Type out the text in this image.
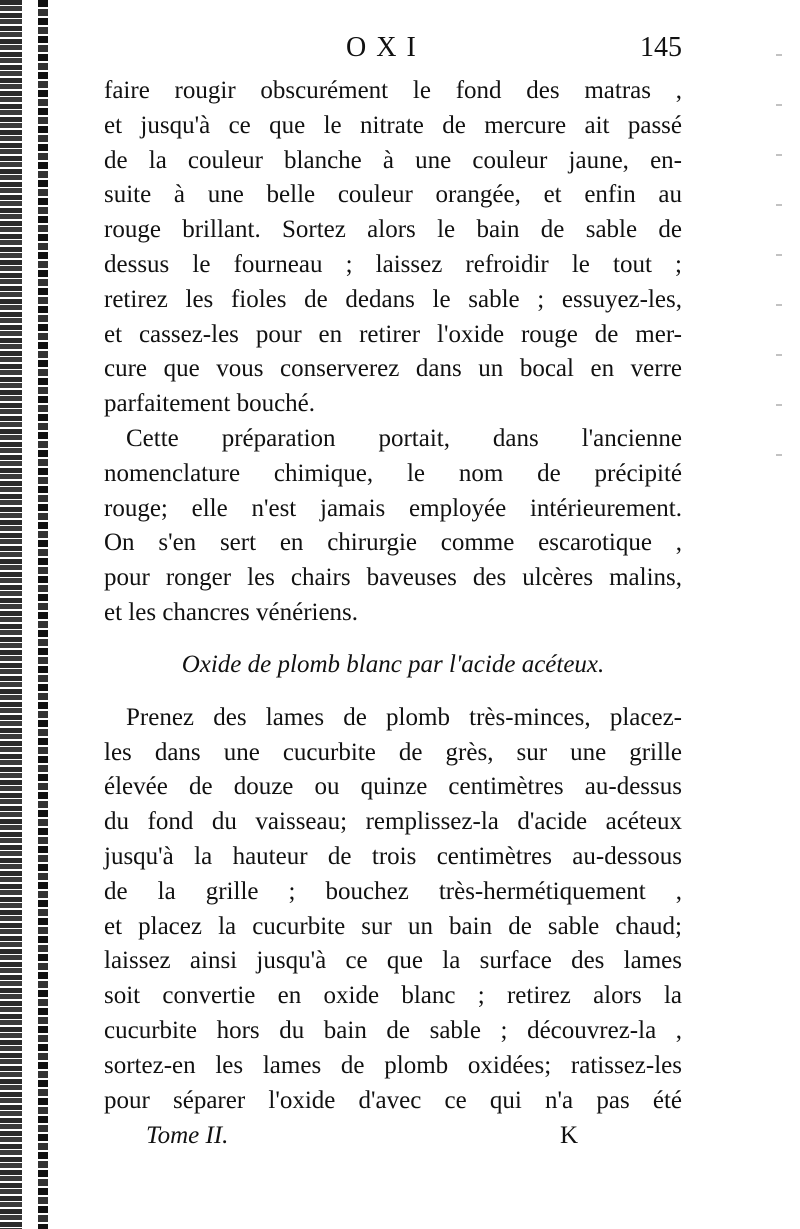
OXI	145
faire rougir obscurément le fond des matras ,
et jusqu'à ce que le nitrate de mercure ait passé
de la couleur blanche à une couleur jaune, en-
suite à une belle couleur orangée, et enfin au
rouge brillant. Sortez alors le bain de sable de
dessus le fourneau ; laissez refroidir le tout ;
retirez les fioles de dedans le sable ; essuyez-les,
et cassez-les pour en retirer l'oxide rouge de mer-
cure que vous conserverez dans un bocal en verre
parfaitement bouché.
Cette préparation portait, dans l'ancienne
nomenclature chimique, le nom de précipité
rouge; elle n'est jamais employée intérieurement.
On s'en sert en chirurgie comme escarotique ,
pour ronger les chairs baveuses des ulcères malins,
et les chancres vénériens.
Oxide de plomb blanc par l'acide acéteux.
Prenez des lames de plomb très-minces, placez-
les dans une cucurbite de grès, sur une grille
élevée de douze ou quinze centimètres au-dessus
du fond du vaisseau; remplissez-la d'acide acéteux
jusqu'à la hauteur de trois centimètres au-dessous
de la grille ; bouchez très-hermétiquement ,
et placez la cucurbite sur un bain de sable chaud;
laissez ainsi jusqu'à ce que la surface des lames
soit convertie en oxide blanc ; retirez alors la
cucurbite hors du bain de sable ; découvrez-la ,
sortez-en les lames de plomb oxidées; ratissez-les
pour séparer l'oxide d'avec ce qui n'a pas été
Tome II.	K
